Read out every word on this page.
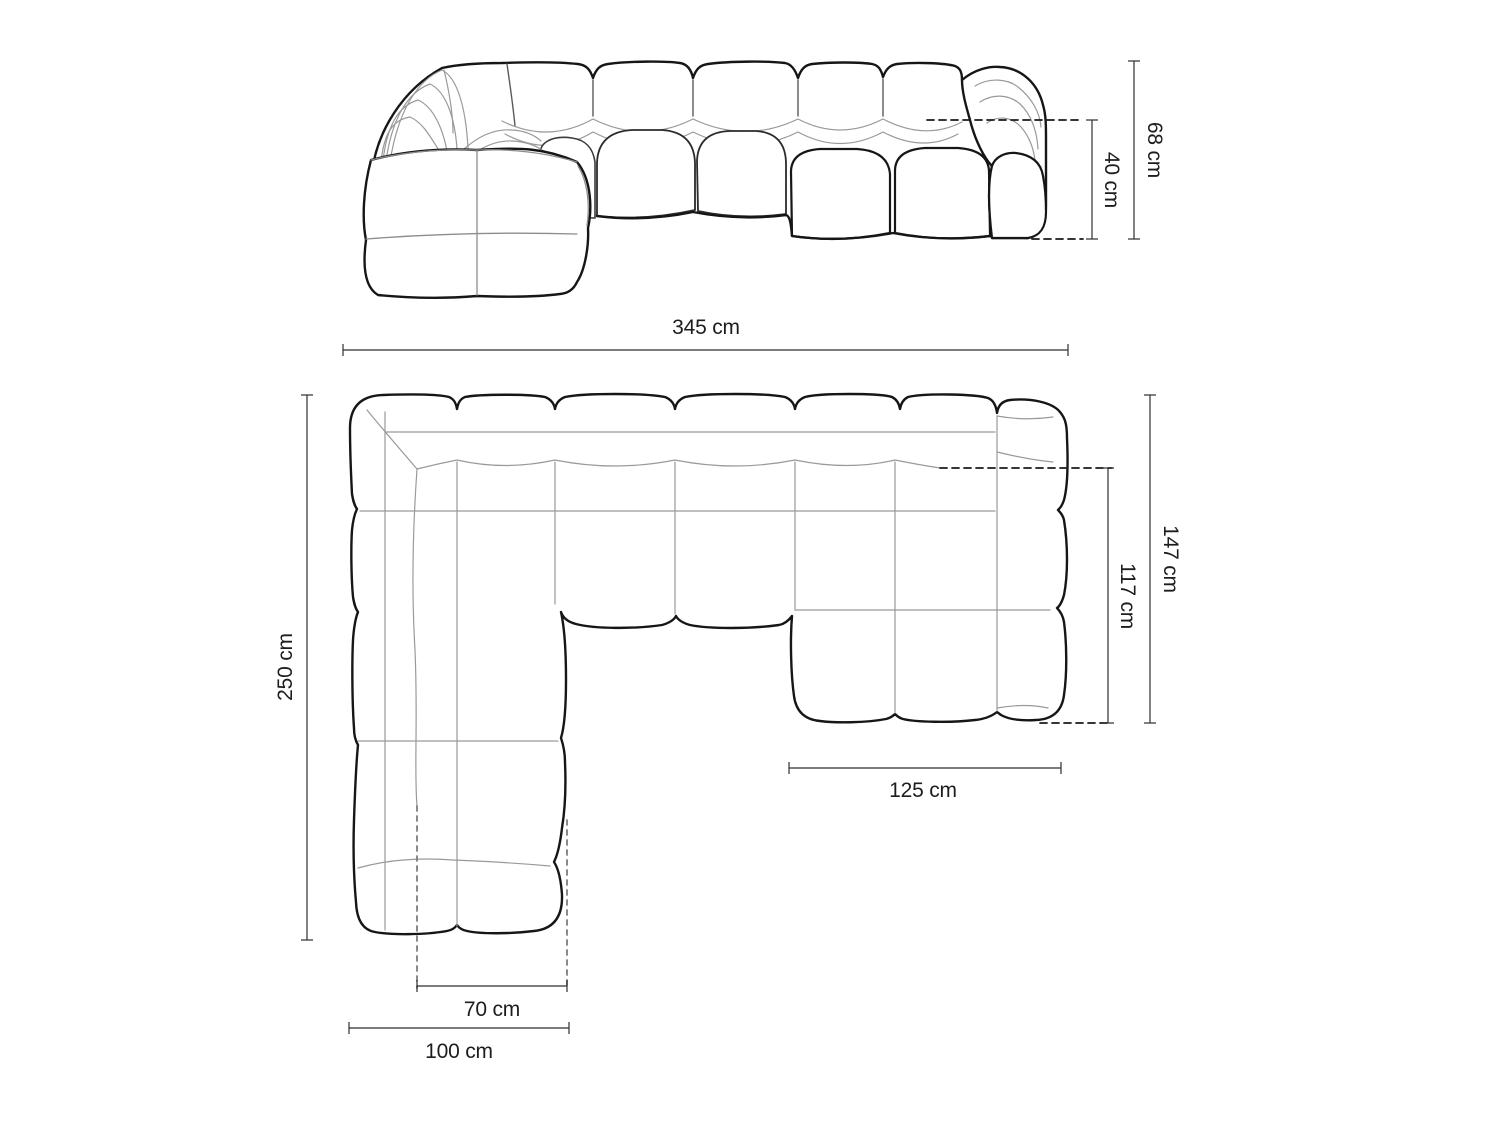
345 cm
68 cm
40 cm
250 cm
147 cm
117 cm
125 cm
70 cm
100 cm
